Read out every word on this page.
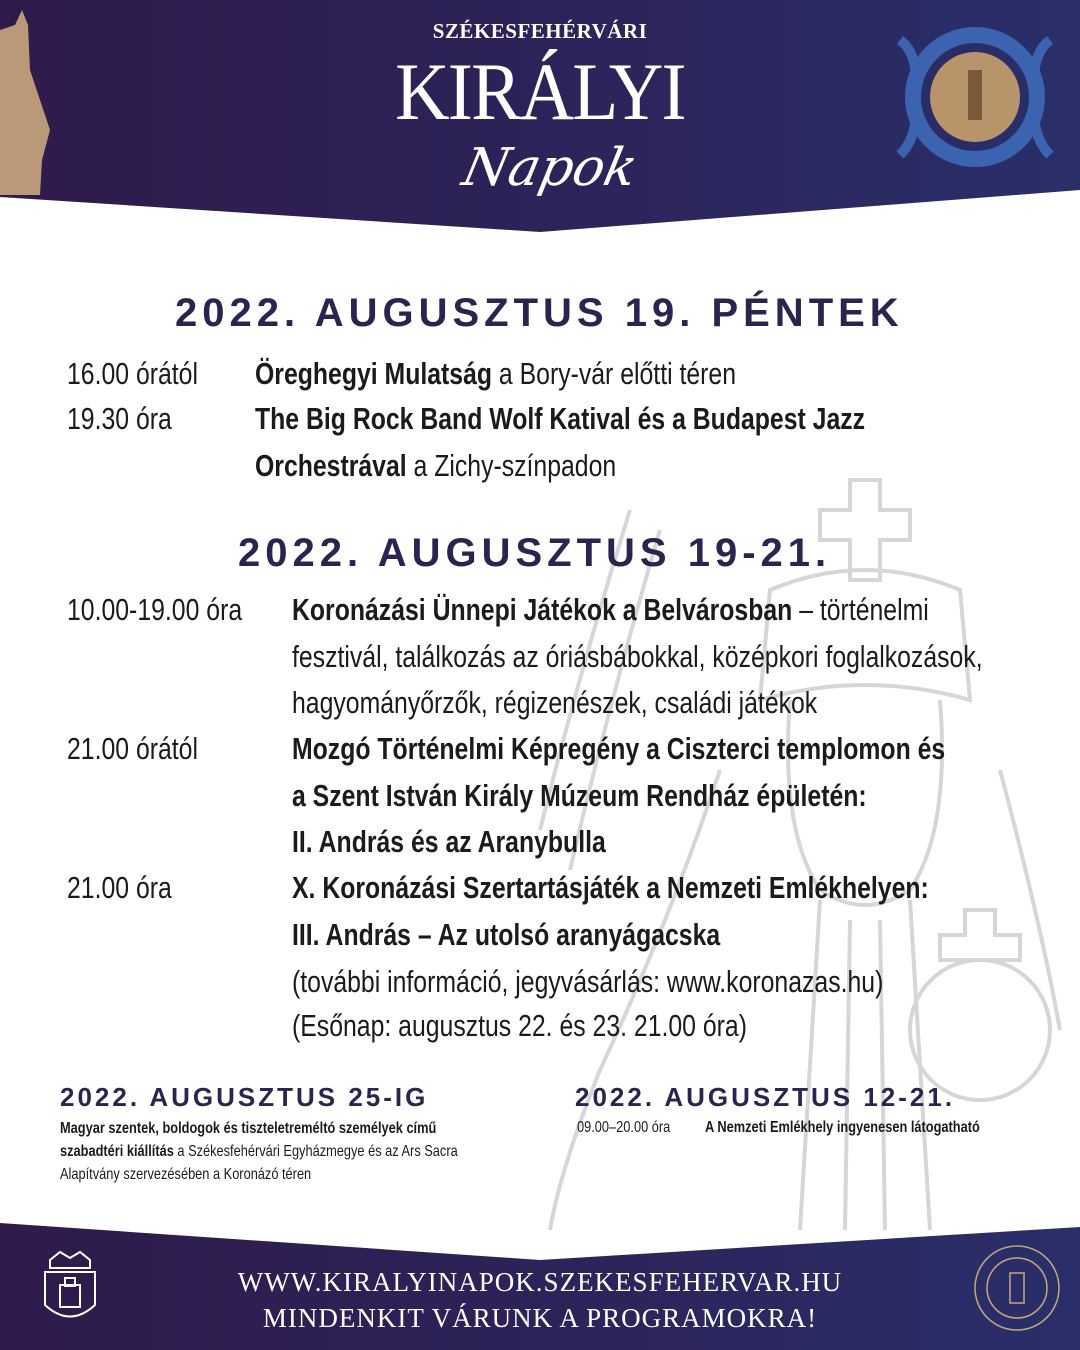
SZÉKESFEHÉRVÁRI
KIRÁLYI
Napok
2022. AUGUSZTUS 19. PÉNTEK
16.00 órától Öreghegyi Mulatság a Bory-vár előtti téren
19.30 óra	The Big Rock Band Wolf Katival és a Budapest Jazz
Orchestrával a Zichy-színpadon
2022. AUGUSZTUS 19-21.
10.00-19.00 óra Koronázási Ünnepi Játékok a Belvárosban – történelmi
fesztivál, találkozás az óriásbábokkal, középkori foglalkozások,
hagyományőrzők, régizenészek, családi játékok
21.00 órától	Mozgó Történelmi Képregény a Ciszterci templomon és
a Szent István Király Múzeum Rendház épületén:
II. András és az Aranybulla
21.00 óra	X. Koronázási Szertartásjáték a Nemzeti Emlékhelyen:
III. András – Az utolsó aranyágacska
(további információ, jegyvásárlás: www.koronazas.hu)
(Esőnap: augusztus 22. és 23. 21.00 óra)
2022. AUGUSZTUS 25-IG
Magyar szentek, boldogok és tiszteletreméltó személyek című
szabadtéri kiállítás a Székesfehérvári Egyházmegye és az Ars Sacra
Alapítvány szervezésében a Koronázó téren
2022. AUGUSZTUS 12-21.
09.00–20.00 óra A Nemzeti Emlékhely ingyenesen látogatható
WWW.KIRALYINAPOK.SZEKESFEHERVAR.HU
MINDENKIT VÁRUNK A PROGRAMOKRA!
